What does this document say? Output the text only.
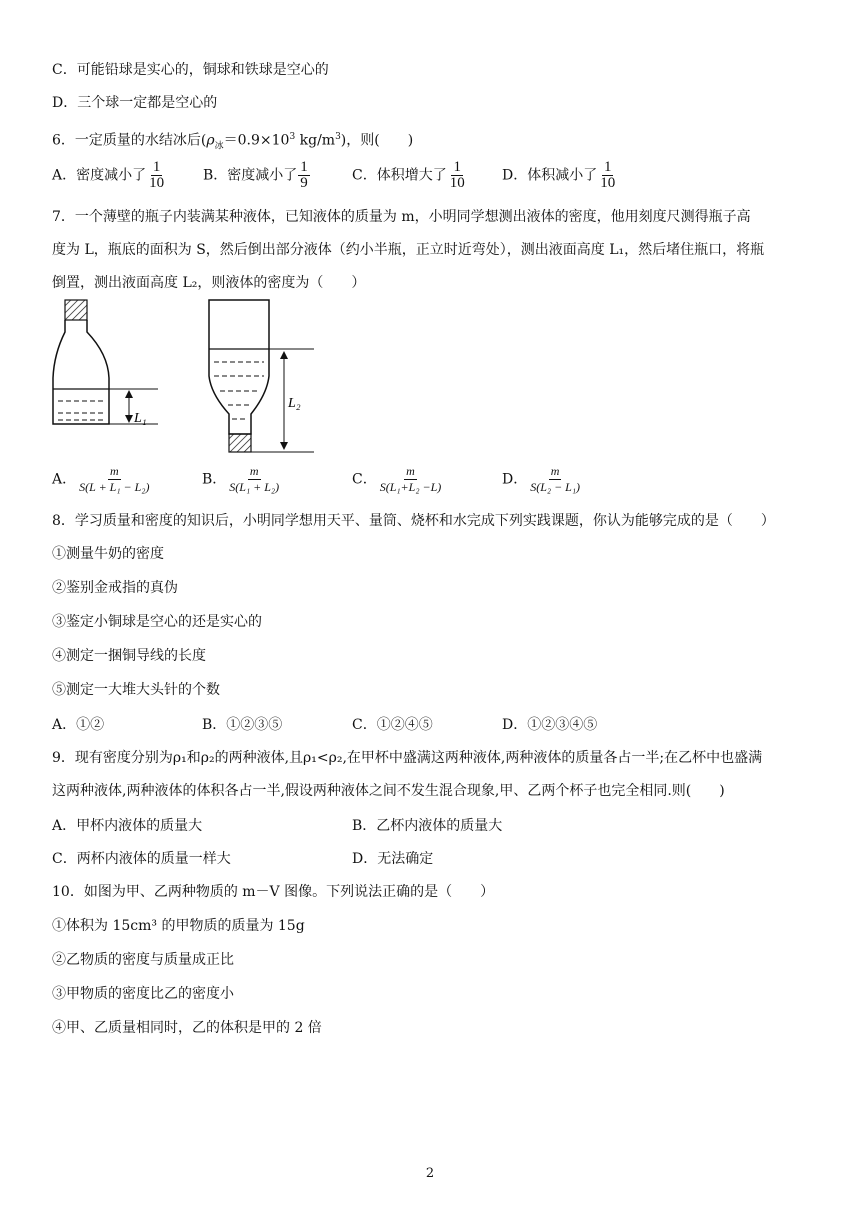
C．可能铅球是实心的，铜球和铁球是空心的
D．三个球一定都是空心的
6．一定质量的水结冰后($\rho_冰=0.9\times 10^3$ $kg/m^3$)，则(　　)
A．密度减小了 $\frac{1}{10}$	B．密度减小了 $\frac{1}{9}$	C．体积增大了 $\frac{1}{10}$	D．体积减小了 $\frac{1}{10}$
7．一个薄壁的瓶子内装满某种液体，已知液体的质量为 m，小明同学想测出液体的密度，他用刻度尺测得瓶子高
度为 L，瓶底的面积为 S，然后倒出部分液体（约小半瓶，正立时近弯处），测出液面高度 L₁，然后堵住瓶口，将瓶
倒置，测出液面高度 L₂，则液体的密度为（　　）
L₁
L₂
A． $\frac{m}{\text{S(L + L₁ − L₂)}}$	B． $\frac{m}{\text{S(L₁ + L₂)}}$	C． $\frac{m}{\text{S(L₁+L₂ −L)}}$	D． $\frac{m}{\text{S(L₂ − L₁)}}$
8．学习质量和密度的知识后，小明同学想用天平、量筒、烧杯和水完成下列实践课题，你认为能够完成的是（　　）
①测量牛奶的密度
②鉴别金戒指的真伪
③鉴定小铜球是空心的还是实心的
④测定一捆铜导线的长度
⑤测定一大堆大头针的个数
A．①②	B．①②③⑤	C．①②④⑤	D．①②③④⑤
9．现有密度分别为ρ₁和ρ₂的两种液体,且ρ₁<ρ₂,在甲杯中盛满这两种液体,两种液体的质量各占一半;在乙杯中也盛满
这两种液体,两种液体的体积各占一半,假设两种液体之间不发生混合现象,甲、乙两个杯子也完全相同.则(　　)
A．甲杯内液体的质量大	B．乙杯内液体的质量大
C．两杯内液体的质量一样大	D．无法确定
10．如图为甲、乙两种物质的 m－V 图像。下列说法正确的是（　　）
①体积为 15cm³ 的甲物质的质量为 15g
②乙物质的密度与质量成正比
③甲物质的密度比乙的密度小
④甲、乙质量相同时，乙的体积是甲的 2 倍
2
